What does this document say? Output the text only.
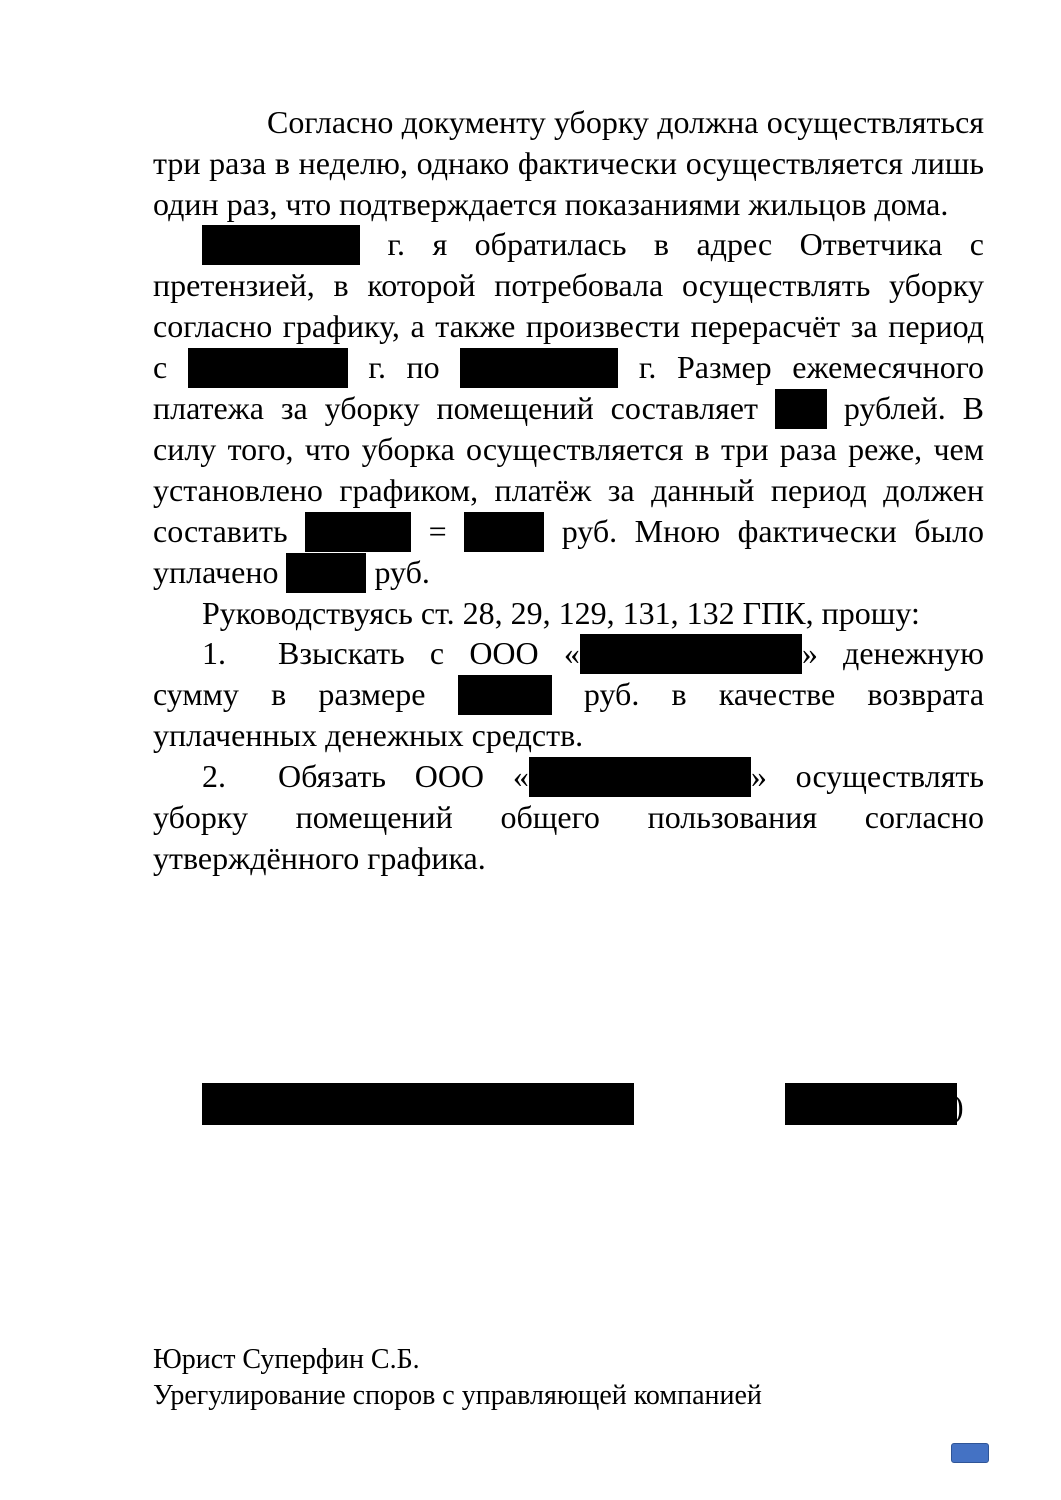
Согласно документу уборку должна осуществляться три раза в неделю, однако фактически осуществляется лишь один раз, что подтверждается показаниями жильцов дома.

г. я обратилась в адрес Ответчика с претензией, в которой потребовала осуществлять уборку согласно графику, а также произвести перерасчёт за период с	г. по	г. Размер ежемесячного платежа за уборку помещений составляет	рублей. В силу того, что уборка осуществляется в три раза реже, чем установлено графиком, платёж за данный период должен составить	=	руб. Мною фактически было уплачено	руб.

Руководствуясь ст. 28, 29, 129, 131, 132 ГПК, прошу:

1. Взыскать с ООО «	» денежную сумму в размере	руб. в качестве возврата уплаченных денежных средств.

2. Обязать ООО «	» осуществлять уборку помещений общего пользования согласно утверждённого графика.

)
Юрист Суперфин С.Б.
Урегулирование споров с управляющей компанией
